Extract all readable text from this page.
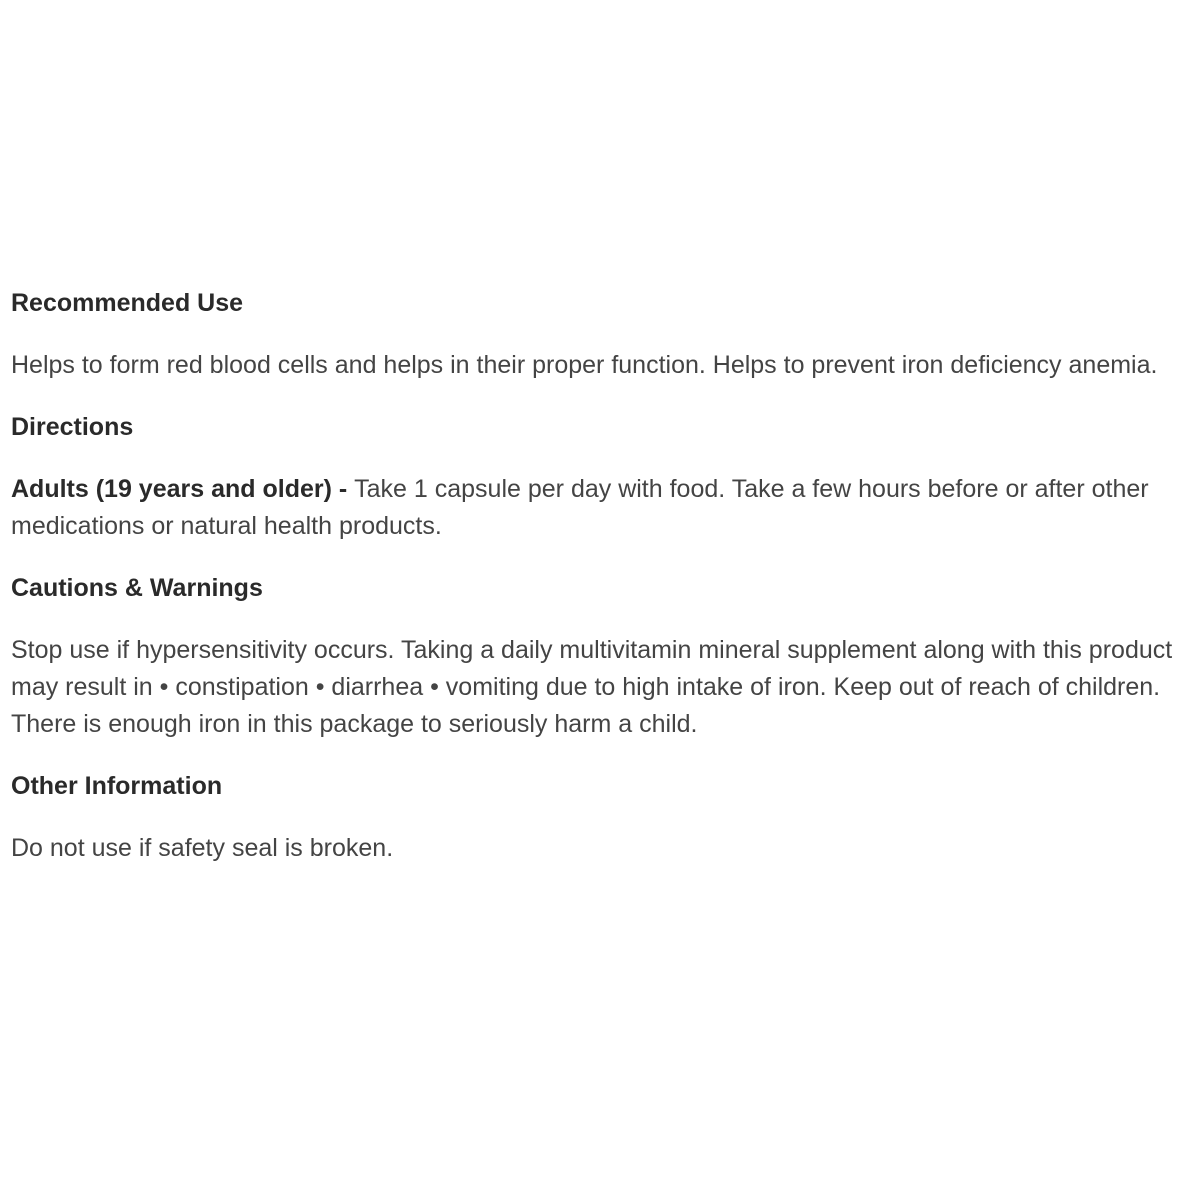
Recommended Use

Helps to form red blood cells and helps in their proper function. Helps to prevent iron deficiency anemia.

Directions

Adults (19 years and older) - Take 1 capsule per day with food. Take a few hours before or after other medications or natural health products.

Cautions & Warnings

Stop use if hypersensitivity occurs. Taking a daily multivitamin mineral supplement along with this product may result in • constipation • diarrhea • vomiting due to high intake of iron. Keep out of reach of children. There is enough iron in this package to seriously harm a child.

Other Information

Do not use if safety seal is broken.
